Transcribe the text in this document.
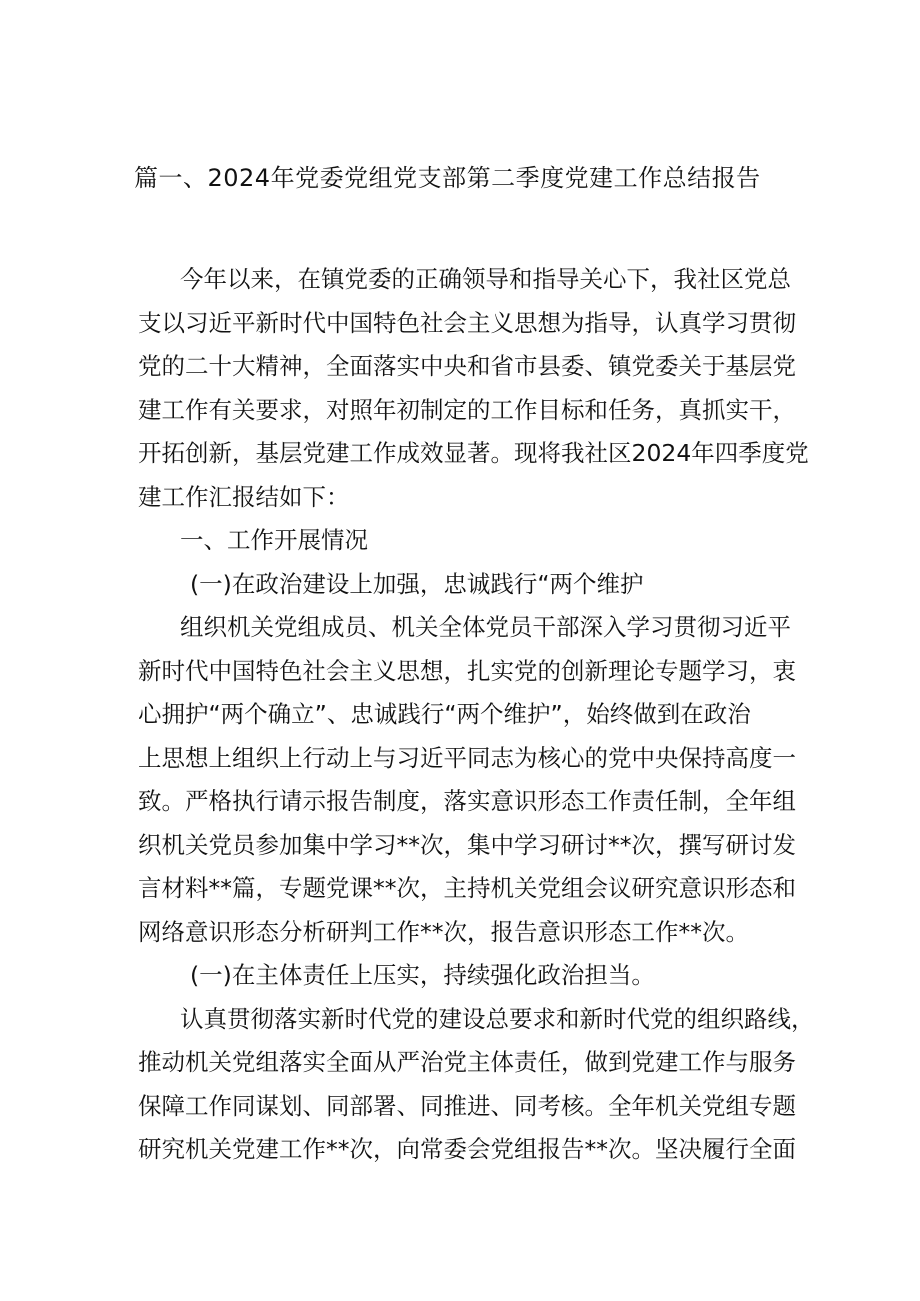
篇一、2024年党委党组党支部第二季度党建工作总结报告
今年以来，在镇党委的正确领导和指导关心下，我社区党总
支以习近平新时代中国特色社会主义思想为指导，认真学习贯彻
党的二十大精神，全面落实中央和省市县委、镇党委关于基层党
建工作有关要求，对照年初制定的工作目标和任务，真抓实干，
开拓创新，基层党建工作成效显著。现将我社区2024年四季度党
建工作汇报结如下：
一、工作开展情况
(一)在政治建设上加强，忠诚践行“两个维护
组织机关党组成员、机关全体党员干部深入学习贯彻习近平
新时代中国特色社会主义思想，扎实党的创新理论专题学习，衷
心拥护“两个确立”、忠诚践行“两个维护”，始终做到在政治
上思想上组织上行动上与习近平同志为核心的党中央保持高度一
致。严格执行请示报告制度，落实意识形态工作责任制，全年组
织机关党员参加集中学习**次，集中学习研讨**次，撰写研讨发
言材料**篇，专题党课**次，主持机关党组会议研究意识形态和
网络意识形态分析研判工作**次，报告意识形态工作**次。
(一)在主体责任上压实，持续强化政治担当。
认真贯彻落实新时代党的建设总要求和新时代党的组织路线，
推动机关党组落实全面从严治党主体责任，做到党建工作与服务
保障工作同谋划、同部署、同推进、同考核。全年机关党组专题
研究机关党建工作**次，向常委会党组报告**次。坚决履行全面
